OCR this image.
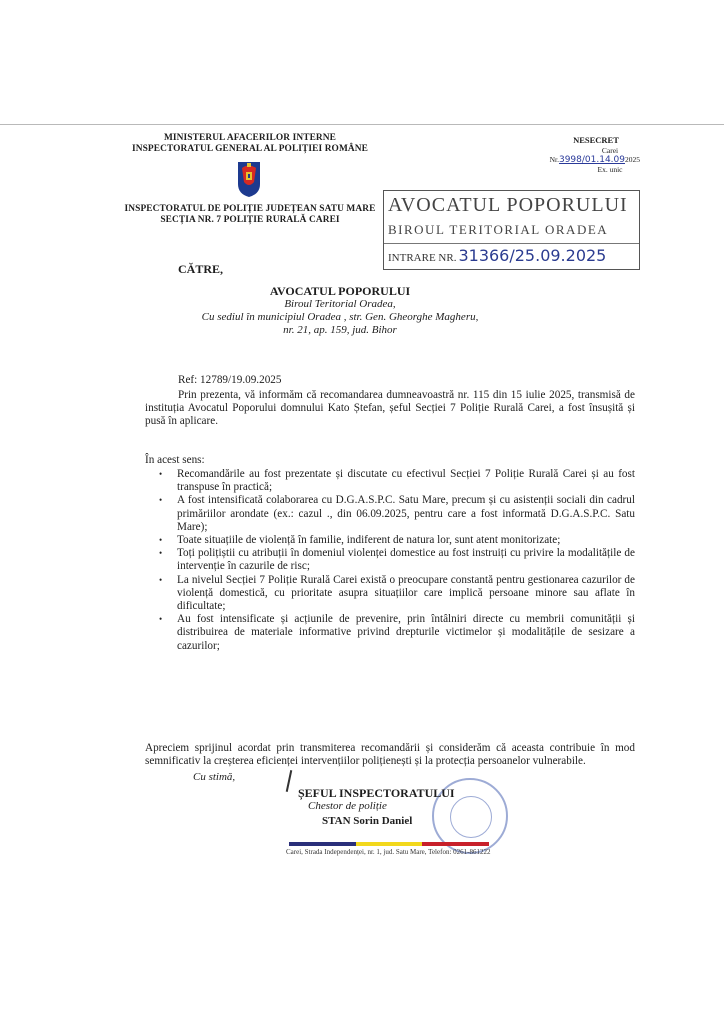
MINISTERUL AFACERILOR INTERNE
INSPECTORATUL GENERAL AL POLIȚIEI ROMÂNE
INSPECTORATUL DE POLIȚIE JUDEȚEAN SATU MARE
SECȚIA NR. 7 POLIȚIE RURALĂ CAREI
NESECRET
Carei
Nr.3998/01.14.092025
Ex. unic
AVOCATUL POPORULUI
BIROUL TERITORIAL ORADEA
INTRARE NR. 31366/25.09.2025
CĂTRE,
AVOCATUL POPORULUI
Biroul Teritorial Oradea,
Cu sediul în municipiul Oradea , str. Gen. Gheorghe Magheru,
nr. 21, ap. 159, jud. Bihor
Ref: 12789/19.09.2025
Prin prezenta, vă informăm că recomandarea dumneavoastră nr. 115 din 15 iulie 2025, transmisă de instituția Avocatul Poporului domnului Kato Ștefan, șeful Secției 7 Poliție Rurală Carei, a fost însușită și pusă în aplicare.
În acest sens:
• Recomandările au fost prezentate și discutate cu efectivul Secției 7 Poliție Rurală Carei și au fost transpuse în practică;
• A fost intensificată colaborarea cu D.G.A.S.P.C. Satu Mare, precum și cu asistenții sociali din cadrul primăriilor arondate (ex.: cazul ., din 06.09.2025, pentru care a fost informată D.G.A.S.P.C. Satu Mare);
• Toate situațiile de violență în familie, indiferent de natura lor, sunt atent monitorizate;
• Toți polițiștii cu atribuții în domeniul violenței domestice au fost instruiți cu privire la modalitățile de intervenție în cazurile de risc;
• La nivelul Secției 7 Poliție Rurală Carei există o preocupare constantă pentru gestionarea cazurilor de violență domestică, cu prioritate asupra situațiilor care implică persoane minore sau aflate în dificultate;
• Au fost intensificate și acțiunile de prevenire, prin întâlniri directe cu membrii comunității și distribuirea de materiale informative privind drepturile victimelor și modalitățile de sesizare a cazurilor;
Apreciem sprijinul acordat prin transmiterea recomandării și considerăm că aceasta contribuie în mod semnificativ la creșterea eficienței intervențiilor polițienești și la protecția persoanelor vulnerabile.
Cu stimă,
ȘEFUL INSPECTORATULUI
Chestor de poliție
STAN Sorin Daniel
Carei, Strada Independenței, nr. 1, jud. Satu Mare, Telefon: 0261-861222
